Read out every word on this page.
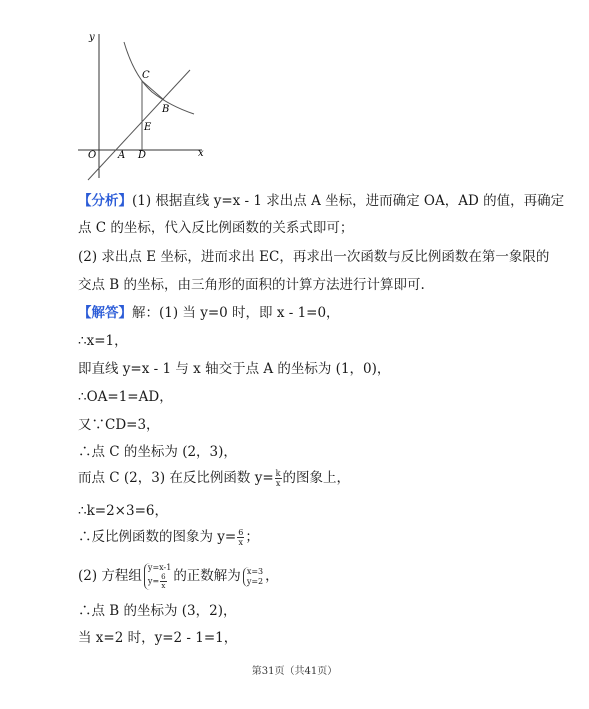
y
x
O A D
C
B
E
【分析】(1) 根据直线 y=x - 1 求出点 A 坐标，进而确定 OA，AD 的值，再确定
点 C 的坐标，代入反比例函数的关系式即可；
(2) 求出点 E 坐标，进而求出 EC，再求出一次函数与反比例函数在第一象限的
交点 B 的坐标，由三角形的面积的计算方法进行计算即可.
【解答】解：(1) 当 y=0 时，即 x - 1=0，
∴x=1，
即直线 y=x - 1 与 x 轴交于点 A 的坐标为 (1，0)，
∴OA=1=AD，
又∵CD=3，
∴点 C 的坐标为 (2，3)，
而点 C (2，3) 在反比例函数 $y= \frac{k}{x}$ 的图象上，
∴k=2×3=6，
∴反比例函数的图象为 $y= \frac{6}{x}$ ；
(2) 方程组
y=x-1
$y= \frac{6}{x}$ 的正数解为 x=3
y=2 ，
∴点 B 的坐标为 (3，2)，
当 x=2 时，y=2 - 1=1，
第31页（共41页）
